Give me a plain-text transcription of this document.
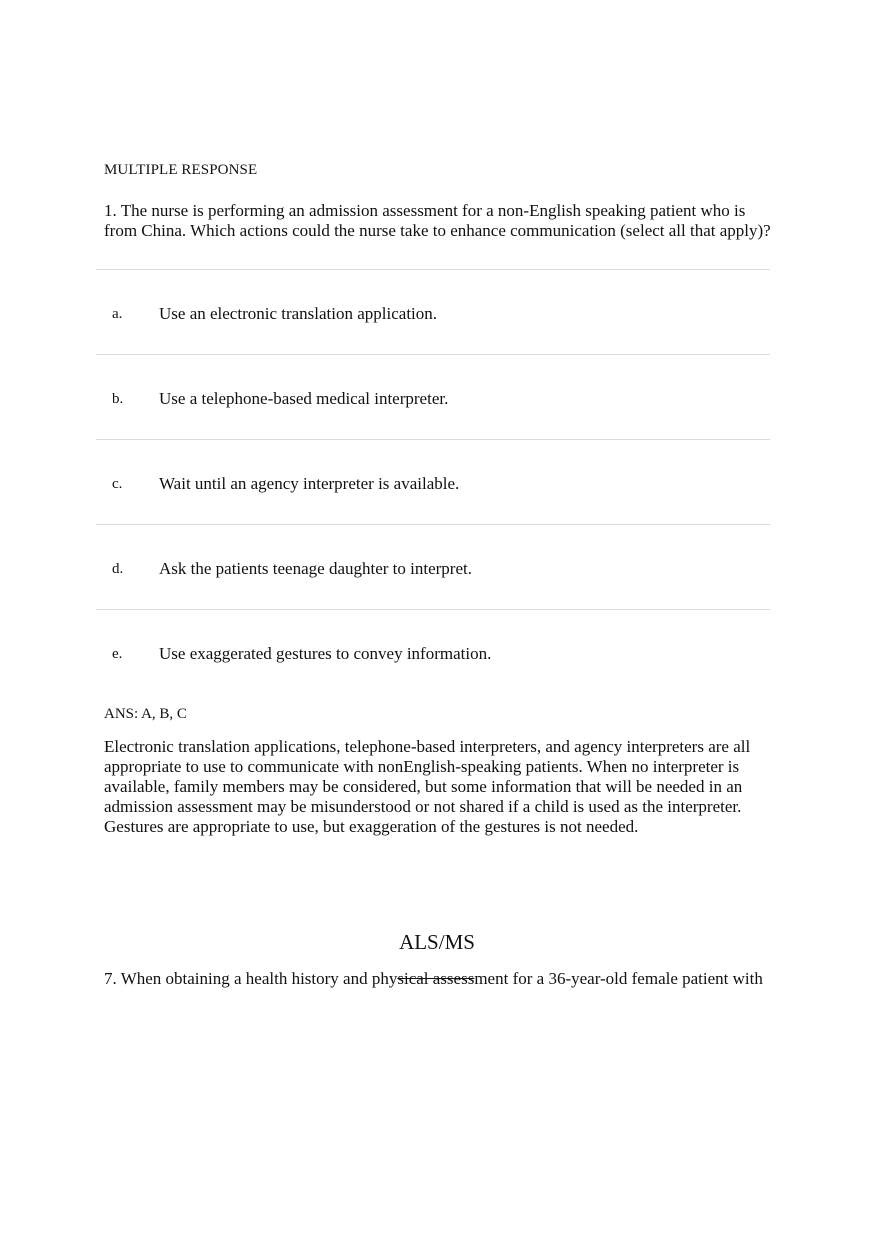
MULTIPLE RESPONSE
1. The nurse is performing an admission assessment for a non-English speaking patient who is from China. Which actions could the nurse take to enhance communication (select all that apply)?
a. Use an electronic translation application.
b. Use a telephone-based medical interpreter.
c. Wait until an agency interpreter is available.
d. Ask the patients teenage daughter to interpret.
e. Use exaggerated gestures to convey information.
ANS: A, B, C
Electronic translation applications, telephone-based interpreters, and agency interpreters are all appropriate to use to communicate with nonEnglish-speaking patients. When no interpreter is available, family members may be considered, but some information that will be needed in an admission assessment may be misunderstood or not shared if a child is used as the interpreter. Gestures are appropriate to use, but exaggeration of the gestures is not needed.
ALS/MS
7. When obtaining a health history and physical assessment for a 36-year-old female patient with
